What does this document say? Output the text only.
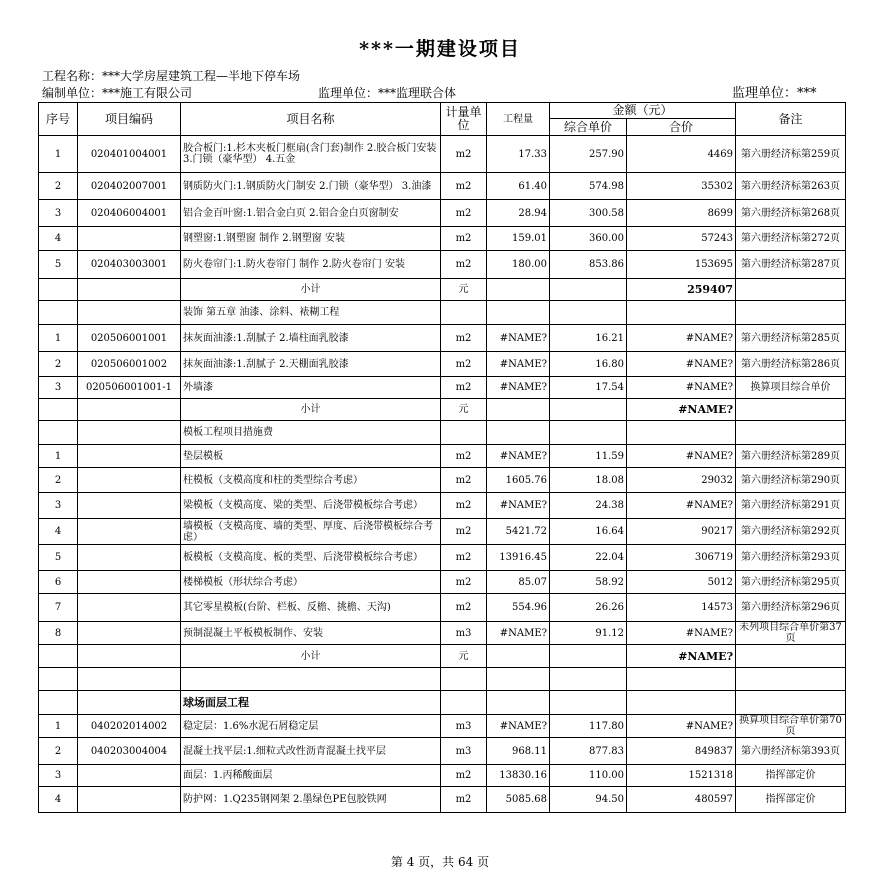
***一期建设项目
工程名称：***大学房屋建筑工程—半地下停车场
编制单位：***施工有限公司	监理单位：***监理联合体	监理单位：***
序号	项目编码	项目名称	计量单位	工程量	金额（元）		备注
					综合单价	合价	
1	020401004001	胶合板门:1.杉木夹板门框扇(含门套)制作 2.胶合板门安装 3.门锁（豪华型） 4.五金	m2	17.33	257.90	4469	第六册经济标第259页
2	020402007001	钢质防火门:1.钢质防火门制安 2.门锁（豪华型） 3.油漆	m2	61.40	574.98	35302	第六册经济标第263页
3	020406004001	铝合金百叶窗:1.铝合金白页 2.铝合金白页窗制安	m2	28.94	300.58	8699	第六册经济标第268页
4		钢塑窗:1.钢塑窗 制作 2.钢塑窗 安装	m2	159.01	360.00	57243	第六册经济标第272页
5	020403003001	防火卷帘门:1.防火卷帘门 制作 2.防火卷帘门 安装	m2	180.00	853.86	153695	第六册经济标第287页
		小计	元			259407	
		装饰 第五章 油漆、涂料、裱糊工程					
1	020506001001	抹灰面油漆:1.刮腻子 2.墙柱面乳胶漆	m2	#NAME?	16.21	#NAME?	第六册经济标第285页
2	020506001002	抹灰面油漆:1.刮腻子 2.天棚面乳胶漆	m2	#NAME?	16.80	#NAME?	第六册经济标第286页
3	020506001001-1	外墙漆	m2	#NAME?	17.54	#NAME?	换算项目综合单价
		小计	元			#NAME?	
		模板工程项目措施费					
1		垫层模板	m2	#NAME?	11.59	#NAME?	第六册经济标第289页
2		柱模板（支模高度和柱的类型综合考虑）	m2	1605.76	18.08	29032	第六册经济标第290页
3		梁模板（支模高度、梁的类型、后浇带模板综合考虑）	m2	#NAME?	24.38	#NAME?	第六册经济标第291页
4		墙模板（支模高度、墙的类型、厚度、后浇带模板综合考虑）	m2	5421.72	16.64	90217	第六册经济标第292页
5		板模板（支模高度、板的类型、后浇带模板综合考虑）	m2	13916.45	22.04	306719	第六册经济标第293页
6		楼梯模板（形状综合考虑）	m2	85.07	58.92	5012	第六册经济标第295页
7		其它零星模板(台阶、栏板、反檐、挑檐、天沟)	m2	554.96	26.26	14573	第六册经济标第296页
8		预制混凝土平板模板制作、安装	m3	#NAME?	91.12	#NAME?	未列项目综合单价第37页
		小计	元			#NAME?	

		球场面层工程					
1	040202014002	稳定层：1.6%水泥石屑稳定层	m3	#NAME?	117.80	#NAME?	换算项目综合单价第70页
2	040203004004	混凝土找平层:1.细粒式改性沥青混凝土找平层	m3	968.11	877.83	849837	第六册经济标第393页
3		面层：1.丙稀酸面层	m2	13830.16	110.00	1521318	指挥部定价
4		防护网：1.Q235钢网架 2.墨绿色PE包胶铁网	m2	5085.68	94.50	480597	指挥部定价
第 4 页，共 64 页
